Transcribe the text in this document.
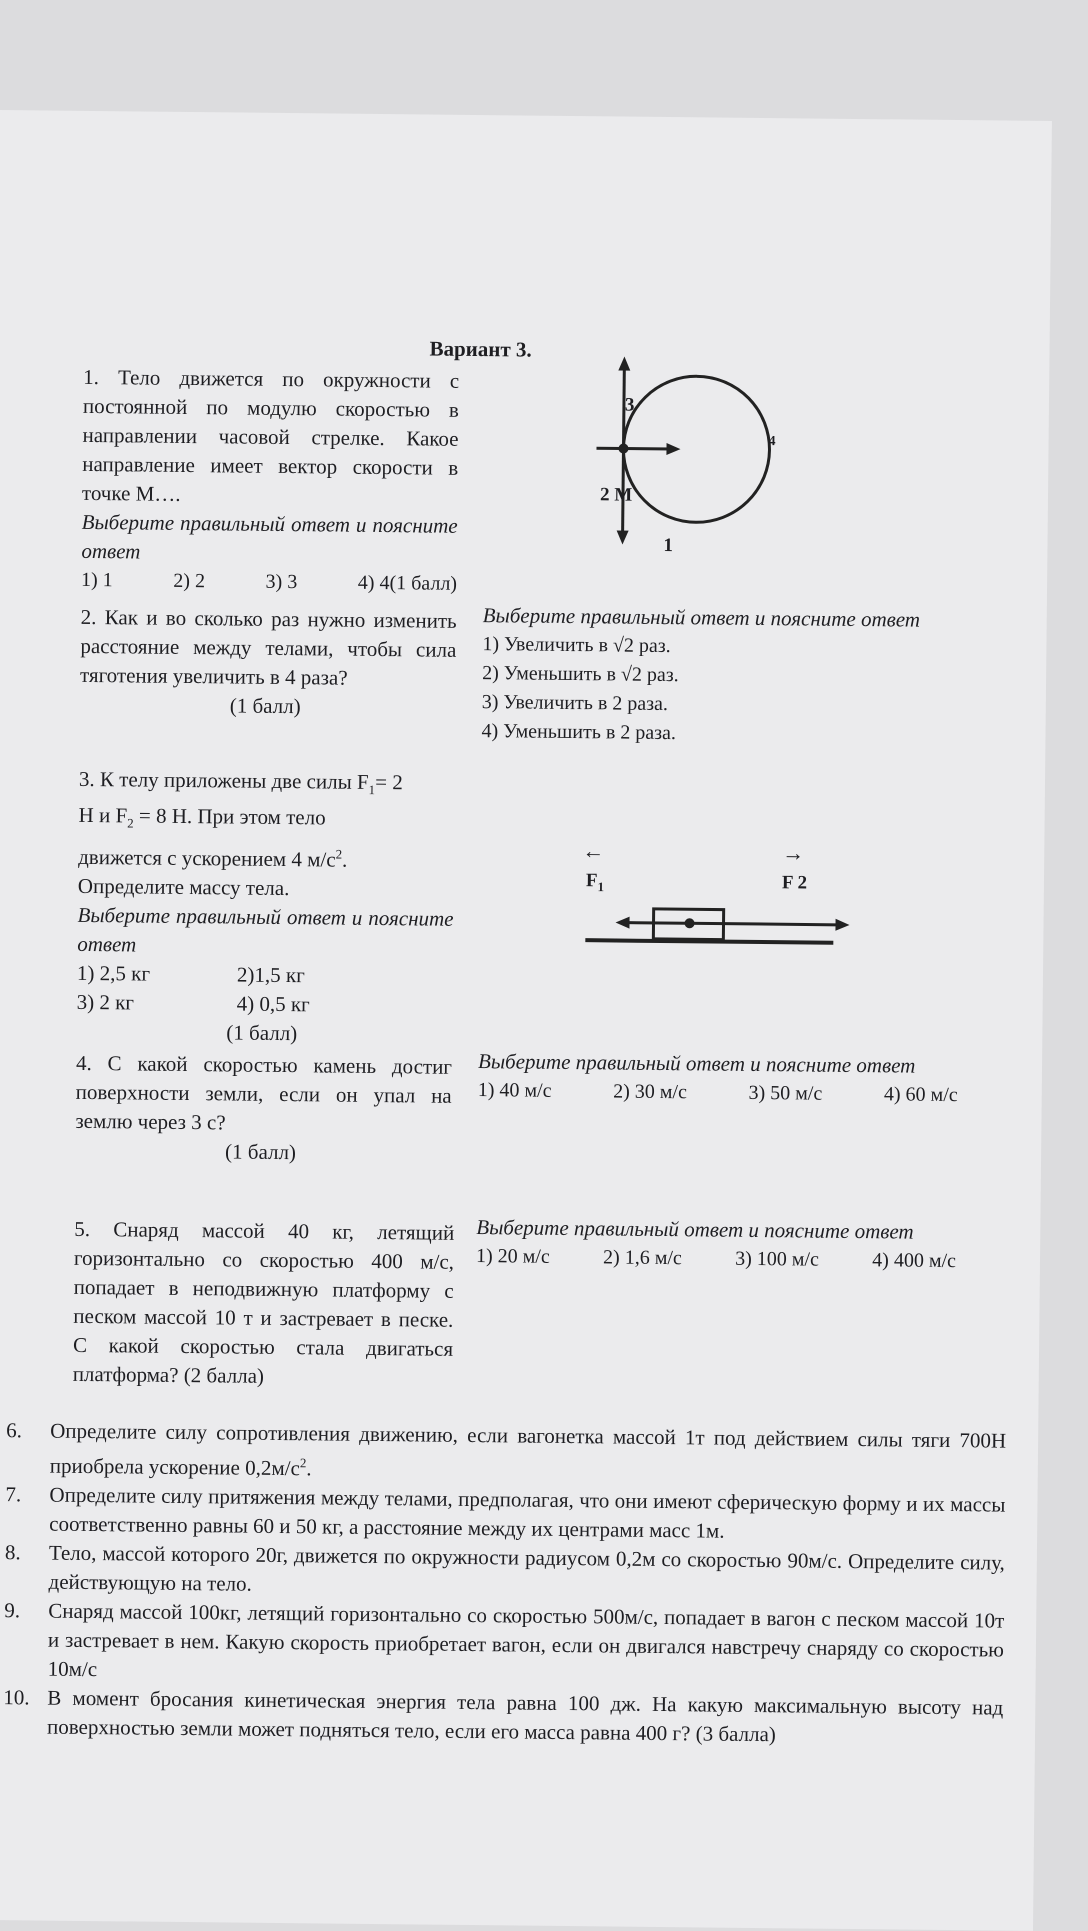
Вариант 3.
1. Тело движется по окружности с постоянной по модулю скоростью в направлении часовой стрелке. Какое направление имеет вектор скорости в точке М….
Выберите правильный ответ и поясните ответ
1) 1	2) 2	3) 3	4) 4(1 балл)
3
2 М
1
4
2. Как и во сколько раз нужно изменить расстояние между телами, чтобы сила тяготения увеличить в 4 раза?
(1 балл)
Выберите правильный ответ и поясните ответ
1) Увеличить в √2 раз.
2) Уменьшить в √2 раз.
3) Увеличить в 2 раза.
4) Уменьшить в 2 раза.
3. К телу приложены две силы $F_1= 2$
Н и $F_2 = 8$ Н. При этом тело
движется с ускорением 4 $м/с^2$.
Определите массу тела.
Выберите правильный ответ и поясните ответ
1) 2,5 кг	2)1,5 кг
3) 2 кг	4) 0,5 кг
(1 балл)
←
$F_1$
→
F 2
4. С какой скоростью камень достиг поверхности земли, если он упал на землю через 3 с?
(1 балл)
Выберите правильный ответ и поясните ответ
1) 40 м/с	2) 30 м/с	3) 50 м/с	4) 60 м/с
5. Снаряд массой 40 кг, летящий горизонтально со скоростью 400 м/с, попадает в неподвижную платформу с песком массой 10 т и застревает в песке. С какой скоростью стала двигаться платформа? (2 балла)
Выберите правильный ответ и поясните ответ
1) 20 м/с	2) 1,6 м/с	3) 100 м/с	4) 400 м/с
6.	Определите силу сопротивления движению, если вагонетка массой 1т под действием силы тяги 700Н приобрела ускорение $0,2м/с^2$.
7.	Определите силу притяжения между телами, предполагая, что они имеют сферическую форму и их массы соответственно равны 60 и 50 кг, а расстояние между их центрами масс 1м.
8.	Тело, массой которого 20г, движется по окружности радиусом 0,2м со скоростью 90м/с. Определите силу, действующую на тело.
9.	Снаряд массой 100кг, летящий горизонтально со скоростью 500м/с, попадает в вагон с песком массой 10т и застревает в нем. Какую скорость приобретает вагон, если он двигался навстречу снаряду со скоростью 10м/с
10. В момент бросания кинетическая энергия тела равна 100 дж. На какую максимальную высоту над поверхностью земли может подняться тело, если его масса равна 400 г? (3 балла)
